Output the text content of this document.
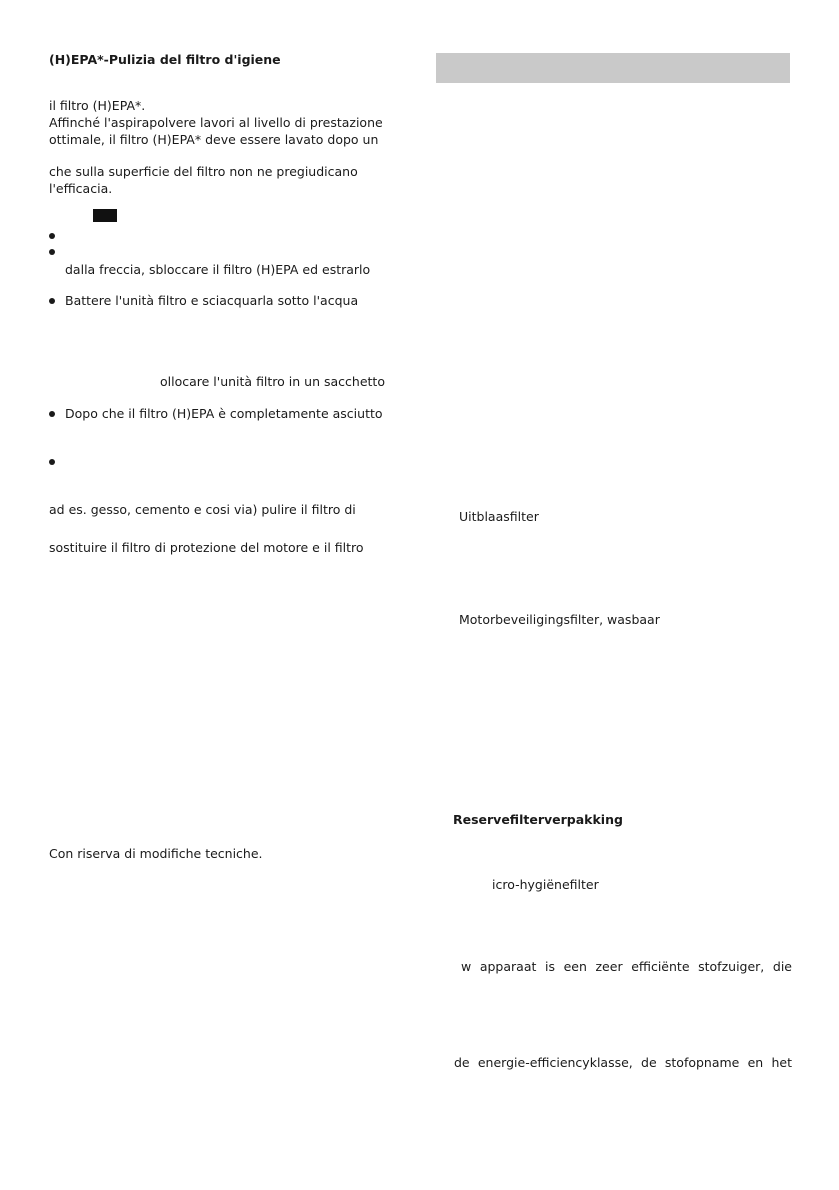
(H)EPA*-Pulizia del filtro d'igiene
il filtro (H)EPA*.
Affinché l'aspirapolvere lavori al livello di prestazione
ottimale, il filtro (H)EPA* deve essere lavato dopo un
che sulla superficie del filtro non ne pregiudicano
l'efficacia.
dalla freccia, sbloccare il filtro (H)EPA ed estrarlo
Battere l'unità filtro e sciacquarla sotto l'acqua
ollocare l'unità filtro in un sacchetto
Dopo che il filtro (H)EPA è completamente asciutto
ad es. gesso, cemento e cosi via) pulire il filtro di
sostituire il filtro di protezione del motore e il filtro
Con riserva di modifiche tecniche.
Uitblaasfilter
Motorbeveiligingsfilter, wasbaar
Reservefilterverpakking
icro-hygiënefilter
w apparaat is een zeer efficiënte stofzuiger, die
de energie-efficiencyklasse, de stofopname en het
